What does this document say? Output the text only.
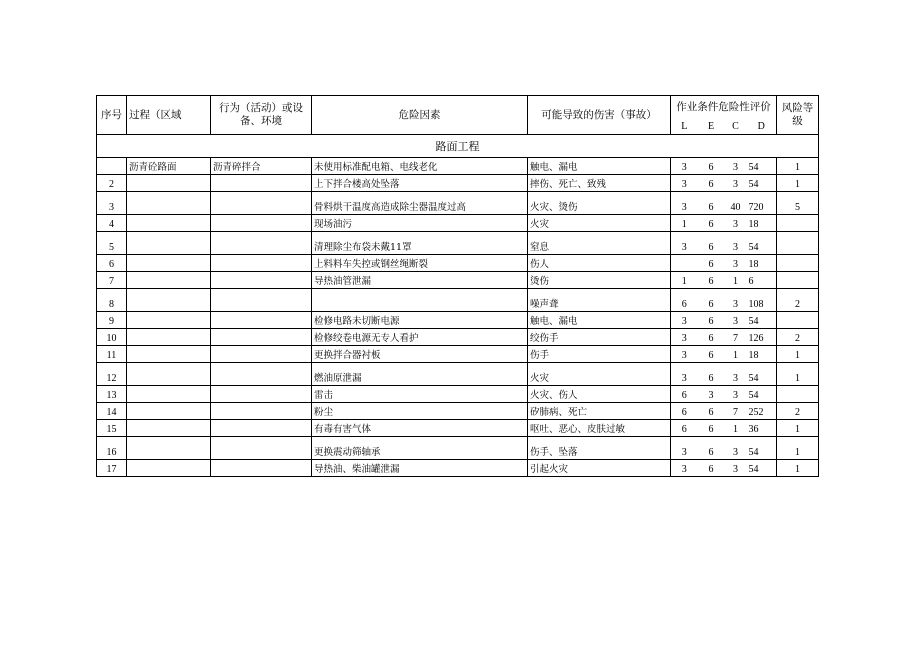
序号	过程（区域	行为（活动）或设备、环境	危险因素	可能导致的伤害（事故）	作业条件危险性评价				风险等级
					L	E	C	D	
路面工程									
	沥青砼路面	沥青碎拌合	未使用标准配电箱、电线老化	触电、漏电	3	6	3	54	1
2			上下拌合楼高处坠落	摔伤、死亡、致残	3	6	3	54	1
3			骨料烘干温度高造成除尘器温度过高	火灾、烫伤	3	6	40	720	5
4			现场油污	火灾	1	6	3	18	
5			清理除尘布袋未戴11罩	窒息	3	6	3	54	
6			上料料车失控或钢丝绳断裂	伤人		6	3	18	
7			导热油管泄漏	烫伤	1	6	1	6	
8				噪声聋	6	6	3	108	2
9			检修电路未切断电源	触电、漏电	3	6	3	54	
10			检修绞卷电源无专人看护	绞伤手	3	6	7	126	2
11			更换拌合器衬板	伤手	3	6	1	18	1
12			燃油原泄漏	火灾	3	6	3	54	1
13			雷击	火灾、伤人	6	3	3	54	
14			粉尘	矽肺病、死亡	6	6	7	252	2
15			有毒有害气体	呕吐、恶心、皮肤过敏	6	6	1	36	1
16			更换震动筛轴承	伤手、坠落	3	6	3	54	1
17			导热油、柴油罐泄漏	引起火灾	3	6	3	54	1
